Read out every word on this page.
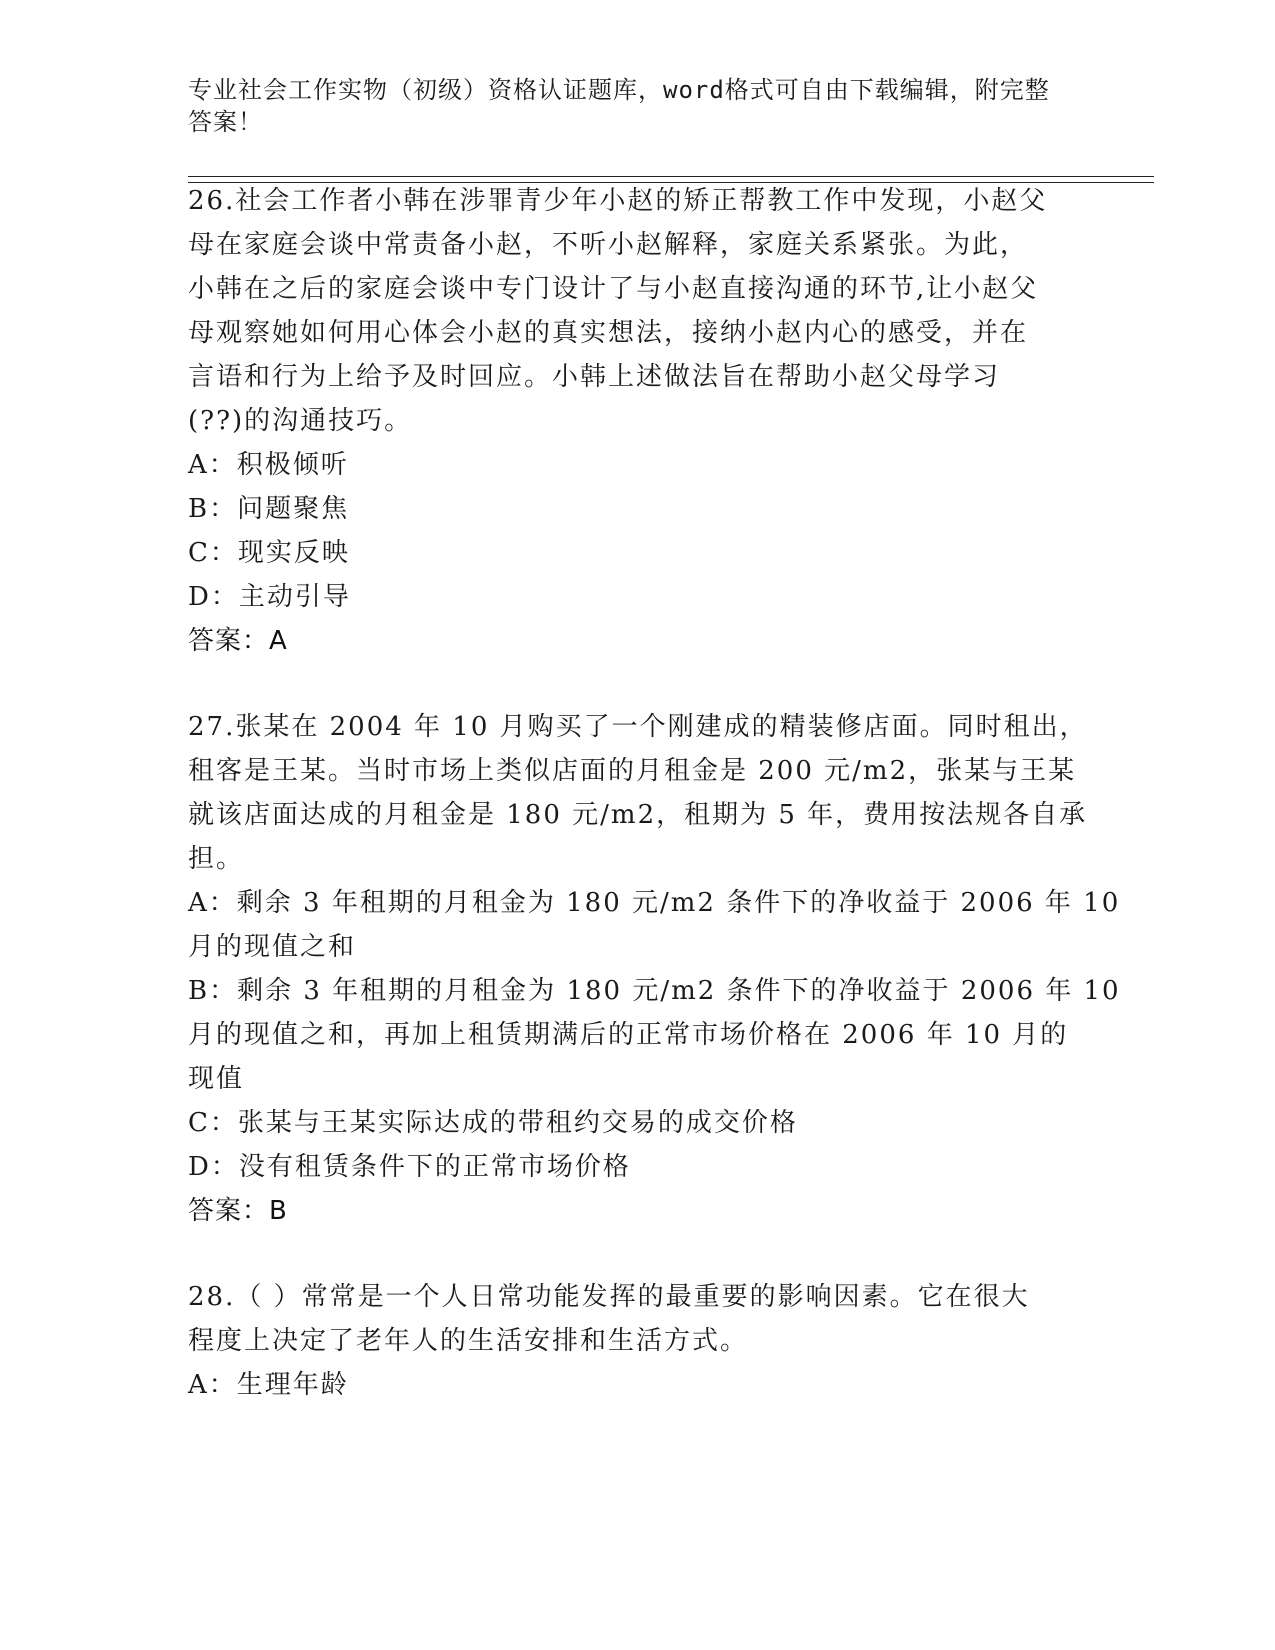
专业社会工作实物（初级）资格认证题库，word格式可自由下载编辑，附完整答案！
26.社会工作者小韩在涉罪青少年小赵的矫正帮教工作中发现，小赵父
母在家庭会谈中常责备小赵，不听小赵解释，家庭关系紧张。为此，
小韩在之后的家庭会谈中专门设计了与小赵直接沟通的环节,让小赵父
母观察她如何用心体会小赵的真实想法，接纳小赵内心的感受，并在
言语和行为上给予及时回应。小韩上述做法旨在帮助小赵父母学习
(??)的沟通技巧。
A：积极倾听
B：问题聚焦
C：现实反映
D：主动引导
答案：A
27.张某在 2004 年 10 月购买了一个刚建成的精装修店面。同时租出，
租客是王某。当时市场上类似店面的月租金是 200 元/m2，张某与王某
就该店面达成的月租金是 180 元/m2，租期为 5 年，费用按法规各自承
担。
A：剩余 3 年租期的月租金为 180 元/m2 条件下的净收益于 2006 年 10
月的现值之和
B：剩余 3 年租期的月租金为 180 元/m2 条件下的净收益于 2006 年 10
月的现值之和，再加上租赁期满后的正常市场价格在 2006 年 10 月的
现值
C：张某与王某实际达成的带租约交易的成交价格
D：没有租赁条件下的正常市场价格
答案：B
28.（ ）常常是一个人日常功能发挥的最重要的影响因素。它在很大
程度上决定了老年人的生活安排和生活方式。
A：生理年龄
